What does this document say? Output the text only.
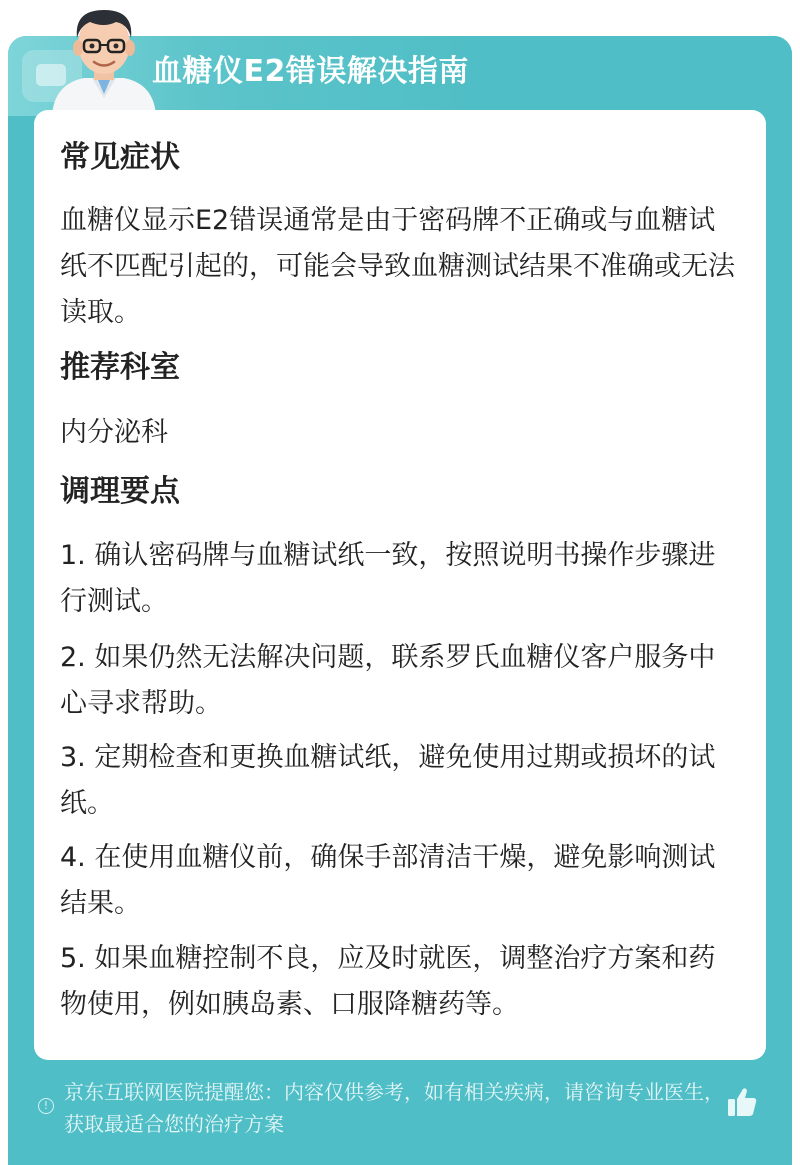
血糖仪E2错误解决指南
常见症状
血糖仪显示E2错误通常是由于密码牌不正确或与血糖试纸不匹配引起的，可能会导致血糖测试结果不准确或无法读取。
推荐科室
内分泌科
调理要点
1. 确认密码牌与血糖试纸一致，按照说明书操作步骤进行测试。
2. 如果仍然无法解决问题，联系罗氏血糖仪客户服务中心寻求帮助。
3. 定期检查和更换血糖试纸，避免使用过期或损坏的试纸。
4. 在使用血糖仪前，确保手部清洁干燥，避免影响测试结果。
5. 如果血糖控制不良，应及时就医，调整治疗方案和药物使用，例如胰岛素、口服降糖药等。
!
京东互联网医院提醒您：内容仅供参考，如有相关疾病，请咨询专业医生，获取最适合您的治疗方案
